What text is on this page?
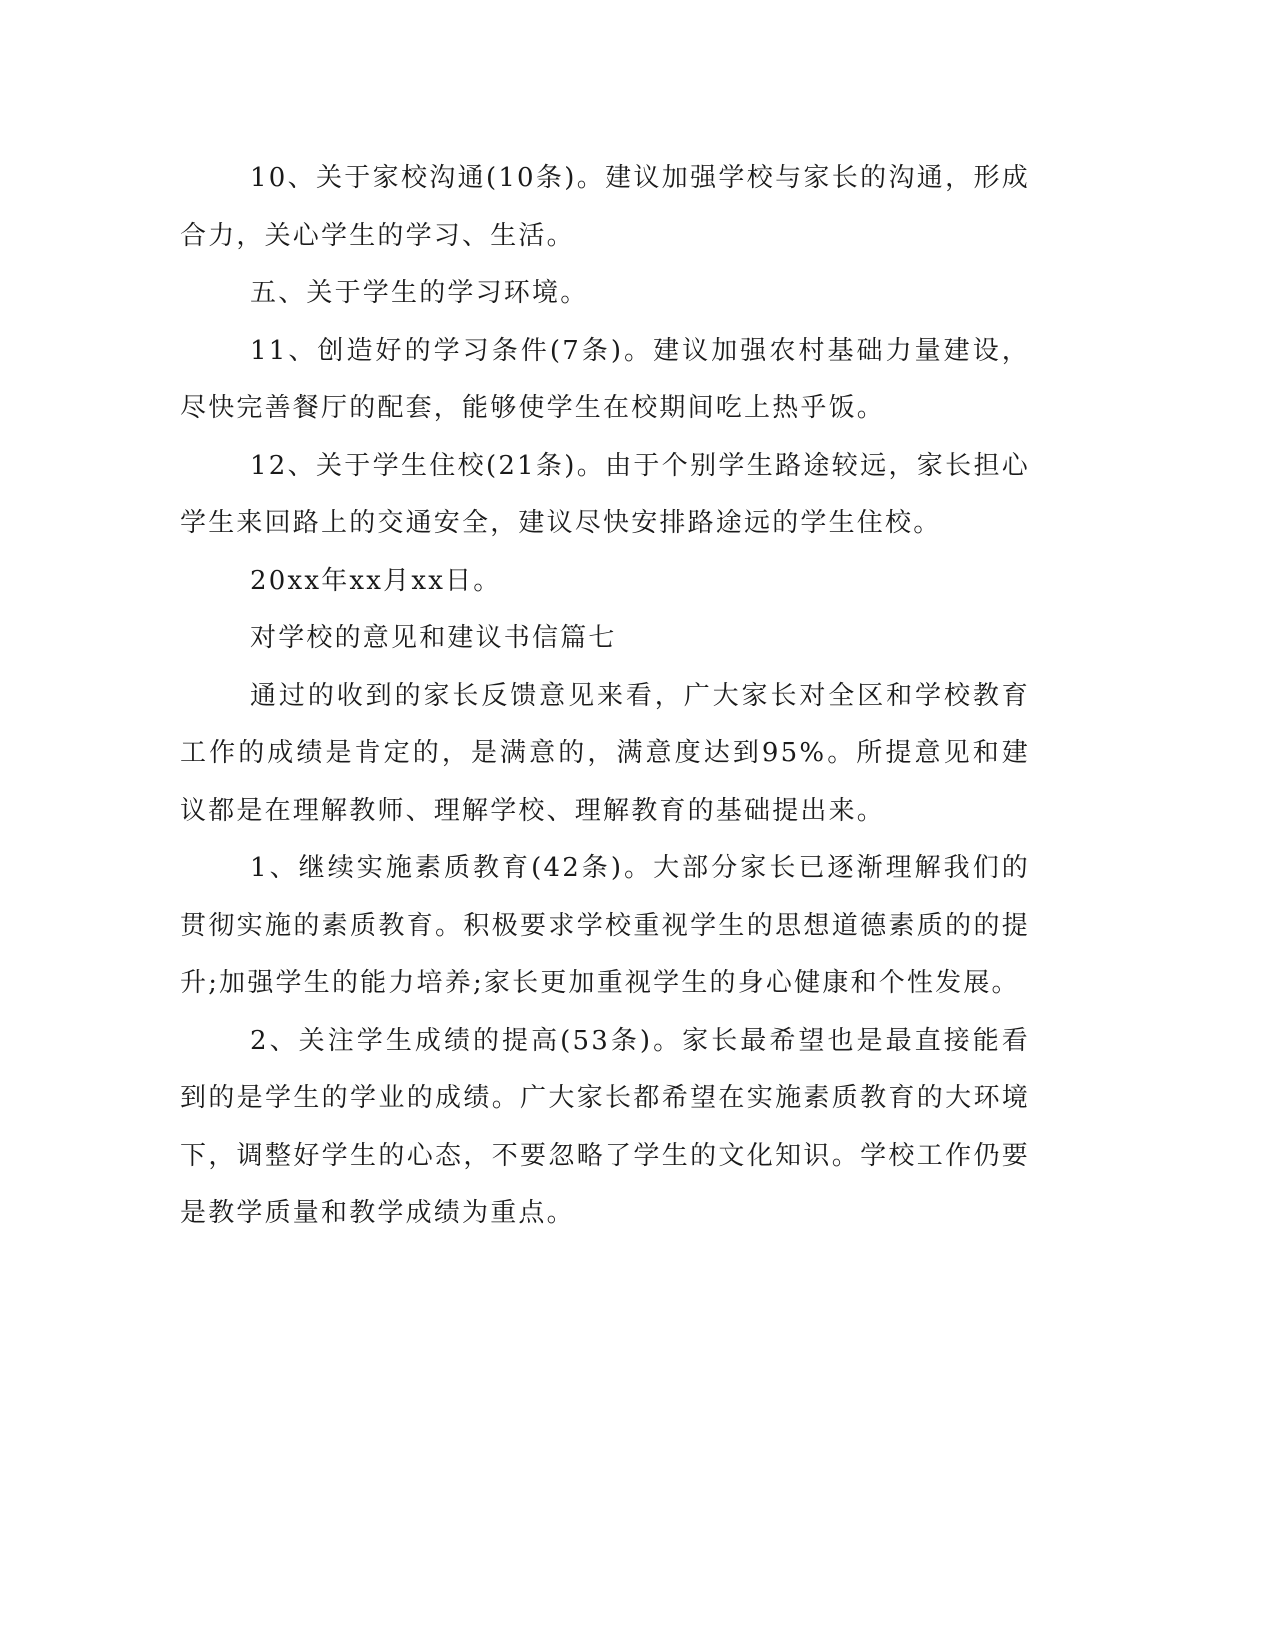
10、关于家校沟通(10条)。建议加强学校与家长的沟通，形成合力，关心学生的学习、生活。

五、关于学生的学习环境。

11、创造好的学习条件(7条)。建议加强农村基础力量建设，尽快完善餐厅的配套，能够使学生在校期间吃上热乎饭。

12、关于学生住校(21条)。由于个别学生路途较远，家长担心学生来回路上的交通安全，建议尽快安排路途远的学生住校。

20xx年xx月xx日。

对学校的意见和建议书信篇七

通过的收到的家长反馈意见来看，广大家长对全区和学校教育工作的成绩是肯定的，是满意的，满意度达到95%。所提意见和建议都是在理解教师、理解学校、理解教育的基础提出来。

1、继续实施素质教育(42条)。大部分家长已逐渐理解我们的贯彻实施的素质教育。积极要求学校重视学生的思想道德素质的的提升;加强学生的能力培养;家长更加重视学生的身心健康和个性发展。

2、关注学生成绩的提高(53条)。家长最希望也是最直接能看到的是学生的学业的成绩。广大家长都希望在实施素质教育的大环境下，调整好学生的心态，不要忽略了学生的文化知识。学校工作仍要是教学质量和教学成绩为重点。
